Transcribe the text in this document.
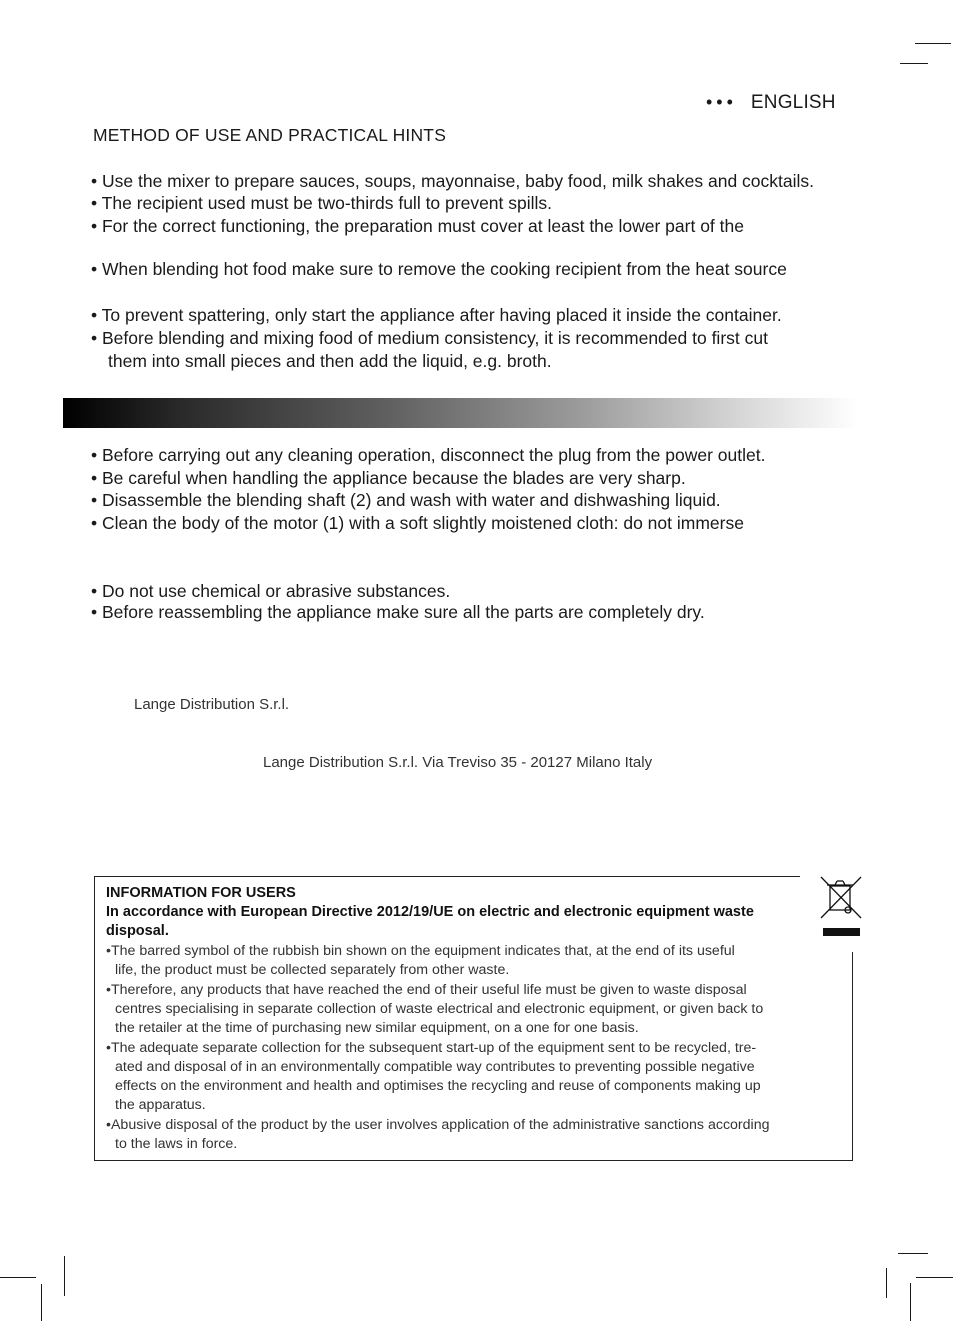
••• ENGLISH
METHOD OF USE AND PRACTICAL HINTS
• Use the mixer to prepare sauces, soups, mayonnaise, baby food, milk shakes and cocktails.
• The recipient used must be two-thirds full to prevent spills.
• For the correct functioning, the preparation must cover at least the lower part of the
• When blending hot food make sure to remove the cooking recipient from the heat source
• To prevent spattering, only start the appliance after having placed it inside the container.
• Before blending and mixing food of medium consistency, it is recommended to first cut
them into small pieces and then add the liquid, e.g. broth.
• Before carrying out any cleaning operation, disconnect the plug from the power outlet.
• Be careful when handling the appliance because the blades are very sharp.
• Disassemble the blending shaft (2) and wash with water and dishwashing liquid.
• Clean the body of the motor (1) with a soft slightly moistened cloth: do not immerse
• Do not use chemical or abrasive substances.
• Before reassembling the appliance make sure all the parts are completely dry.
Lange Distribution S.r.l.
Lange Distribution S.r.l. Via Treviso 35 - 20127 Milano Italy
INFORMATION FOR USERS
In accordance with European Directive 2012/19/UE on electric and electronic equipment waste
disposal.
•The barred symbol of the rubbish bin shown on the equipment indicates that, at the end of its useful
life, the product must be collected separately from other waste.
•Therefore, any products that have reached the end of their useful life must be given to waste disposal
centres specialising in separate collection of waste electrical and electronic equipment, or given back to
the retailer at the time of purchasing new similar equipment, on a one for one basis.
•The adequate separate collection for the subsequent start-up of the equipment sent to be recycled, tre-
ated and disposal of in an environmentally compatible way contributes to preventing possible negative
effects on the environment and health and optimises the recycling and reuse of components making up
the apparatus.
•Abusive disposal of the product by the user involves application of the administrative sanctions according
to the laws in force.
